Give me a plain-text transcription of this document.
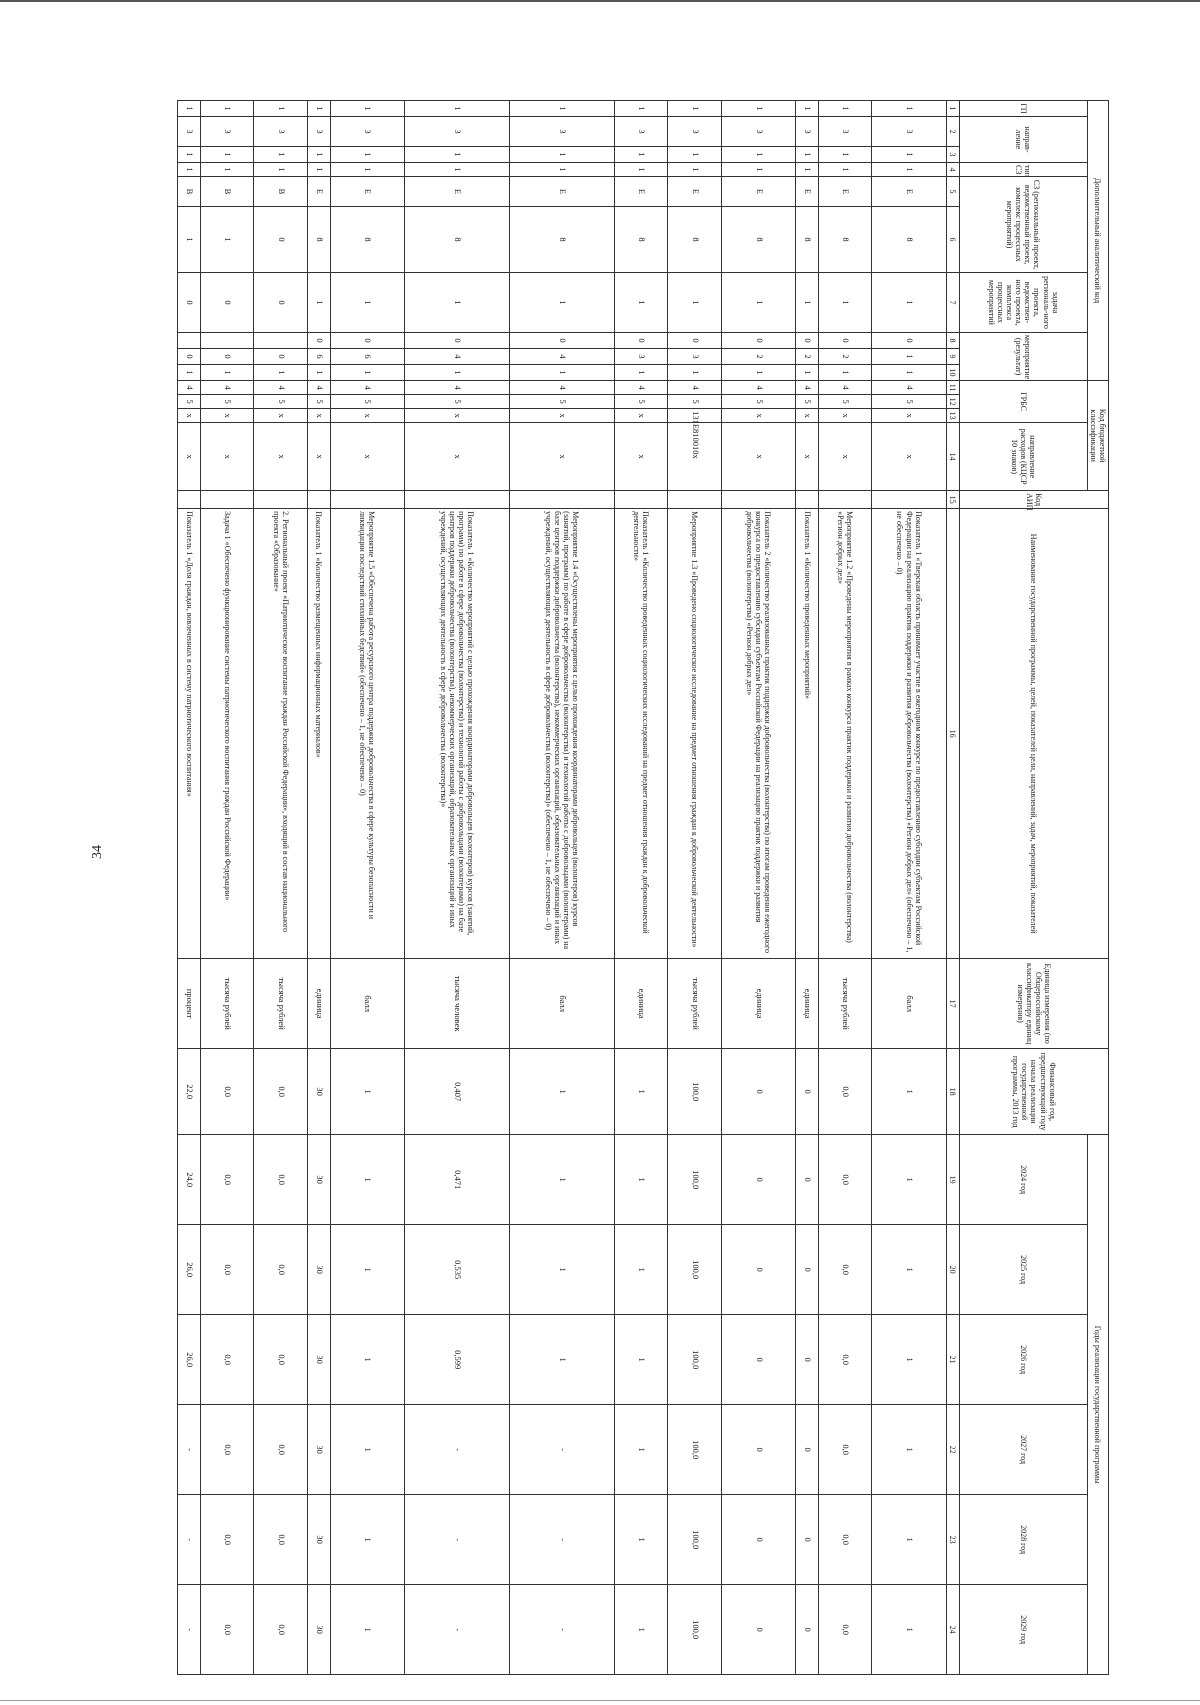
34
Дополнительный аналитический код										Код бюджетной классификации				Код АИП	Наименование государственной программы, целей, показателей цели, направлений, задач, мероприятий, показателей	Единица измерения (по Общероссийскому классификатору единиц измерения)	Финансовый год, предшествующий году начала реализации государственной программы, 2013 год	Годы реализации государственной программы					
ГП	направ-ление		тип СЗ	СЗ (региональный проект, ведомственный проект, комплекс процессных мероприятий)		задача региональ-ного проекта, ведомствен-ного проекта, комплекса процессных мероприятий	мероприятие (результат)			ГРБС			направление расходов (КЦСР 10 знаков)					2024 год	2025 год	2026 год	2027 год	2028 год	2029 год

1	2	3	4	5	6	7	8	9	10	11	12	13	14	15	16	17	18	19	20	21	22	23	24
1	3	1	1	Е	8	1	0	1	1	4	5	х	х		Показатель 1 «Тверская область принимает участие в ежегодном конкурсе по предоставлению субсидии субъектам Российской Федерации на реализацию практик поддержки и развития добровольчества (волонтерства) «Регион добрых дел» (обеспечено – 1, не обеспечено – 0)	балл	1	1	1	1	1	1	1
1	3	1	1	Е	8	1	0	2	1	4	5	х	х		Мероприятие 1.2 «Проведены мероприятия в рамках конкурса практик поддержки и развития добровольчества (волонтерства) «Регион добрых дел»	тысяча рублей	0,0	0,0	0,0	0,0	0,0	0,0	0,0
1	3	1	1	Е	8	1	0	2	1	4	5	х	х		Показатель 1 «Количество проведенных мероприятий»	единица	0	0	0	0	0	0	0
1	3	1	1	Е	8	1	0	2	1	4	5	х	х		Показатель 2 «Количество реализованных практик поддержки добровольчества (волонтерства) по итогам проведения ежегодного конкурса по предоставлению субсидии субъектам Российской Федерации на реализацию практик поддержки и развития добровольчества (волонтерства) «Регион добрых дел»	единица	0	0	0	0	0	0	0
1	3	1	1	Е	8	1	0	3	1	4	5	131Е810010	х		Мероприятие 1.3 «Проведено социологическое исследование на предмет отношения граждан к добровольческой деятельности»	тысяча рублей	100,0	100,0	100,0	100,0	100,0	100,0	100,0
1	3	1	1	Е	8	1	0	3	1	4	5	х	х		Показатель 1 «Количество проведенных социологических исследований на предмет отношения граждан к добровольческой деятельности»	единица	1	1	1	1	1	1	1
1	3	1	1	Е	8	1	0	4	1	4	5	х	х		Мероприятие 1.4 «Осуществлены мероприятия с целью прохождения координаторами добровольцев (волонтеров) курсов (занятий, программ) по работе в сфере добровольчества (волонтерства) и технологий работы с добровольцами (волонтерами) на базе центров поддержки добровольчества (волонтерства), некоммерческих организаций, образовательных организаций и иных учреждений, осуществляющих деятельность в сфере добровольчества (волонтерства)» (обеспечено – 1, не обеспечено – 0)	балл	1	1	1	1	-	-	-
1	3	1	1	Е	8	1	0	4	1	4	5	х	х		Показатель 1 «Количество мероприятий с целью прохождения координаторами добровольцев (волонтеров) курсов (занятий, программ) по работе в сфере добровольчества (волонтерства) и технологий работы с добровольцами (волонтерами) на базе центров поддержки добровольчества (волонтерства), некоммерческих организаций, образовательных организаций и иных учреждений, осуществляющих деятельность в сфере добровольчества (волонтерства)»	тысяча человек	0,407	0,471	0,535	0,599	-	-	-
1	3	1	1	Е	8	1	0	6	1	4	5	х	х		Мероприятие 1.5 «Обеспечена работа ресурсного центра поддержки добровольчества в сфере культуры безопасности и ликвидации последствий стихийных бедствий» (обеспечено – 1, не обеспечено – 0)	балл	1	1	1	1	1	1	1
1	3	1	1	Е	8	1	0	6	1	4	5	х	х		Показатель 1 «Количество размещенных информационных материалов»	единица	30	30	30	30	30	30	30
1	3	1	1	В	0	0		0	1	4	5	х	х		2. Региональный проект «Патриотическое воспитание граждан Российской Федерации», входящий в состав национального проекта «Образование»	тысяча рублей	0,0	0,0	0,0	0,0	0,0	0,0	0,0
1	3	1	1	В	1	0		0	1	4	5	х	х		Задача 1 «Обеспечено функционирование системы патриотического воспитания граждан Российской Федерации»	тысяча рублей	0,0	0,0	0,0	0,0	0,0	0,0	0,0
1	3	1	1	В	1	0		0	1	4	5	х	х		Показатель 1 «Доля граждан, вовлеченных в систему патриотического воспитания»	процент	22,0	24,0	26,0	26,0	-	-	-
